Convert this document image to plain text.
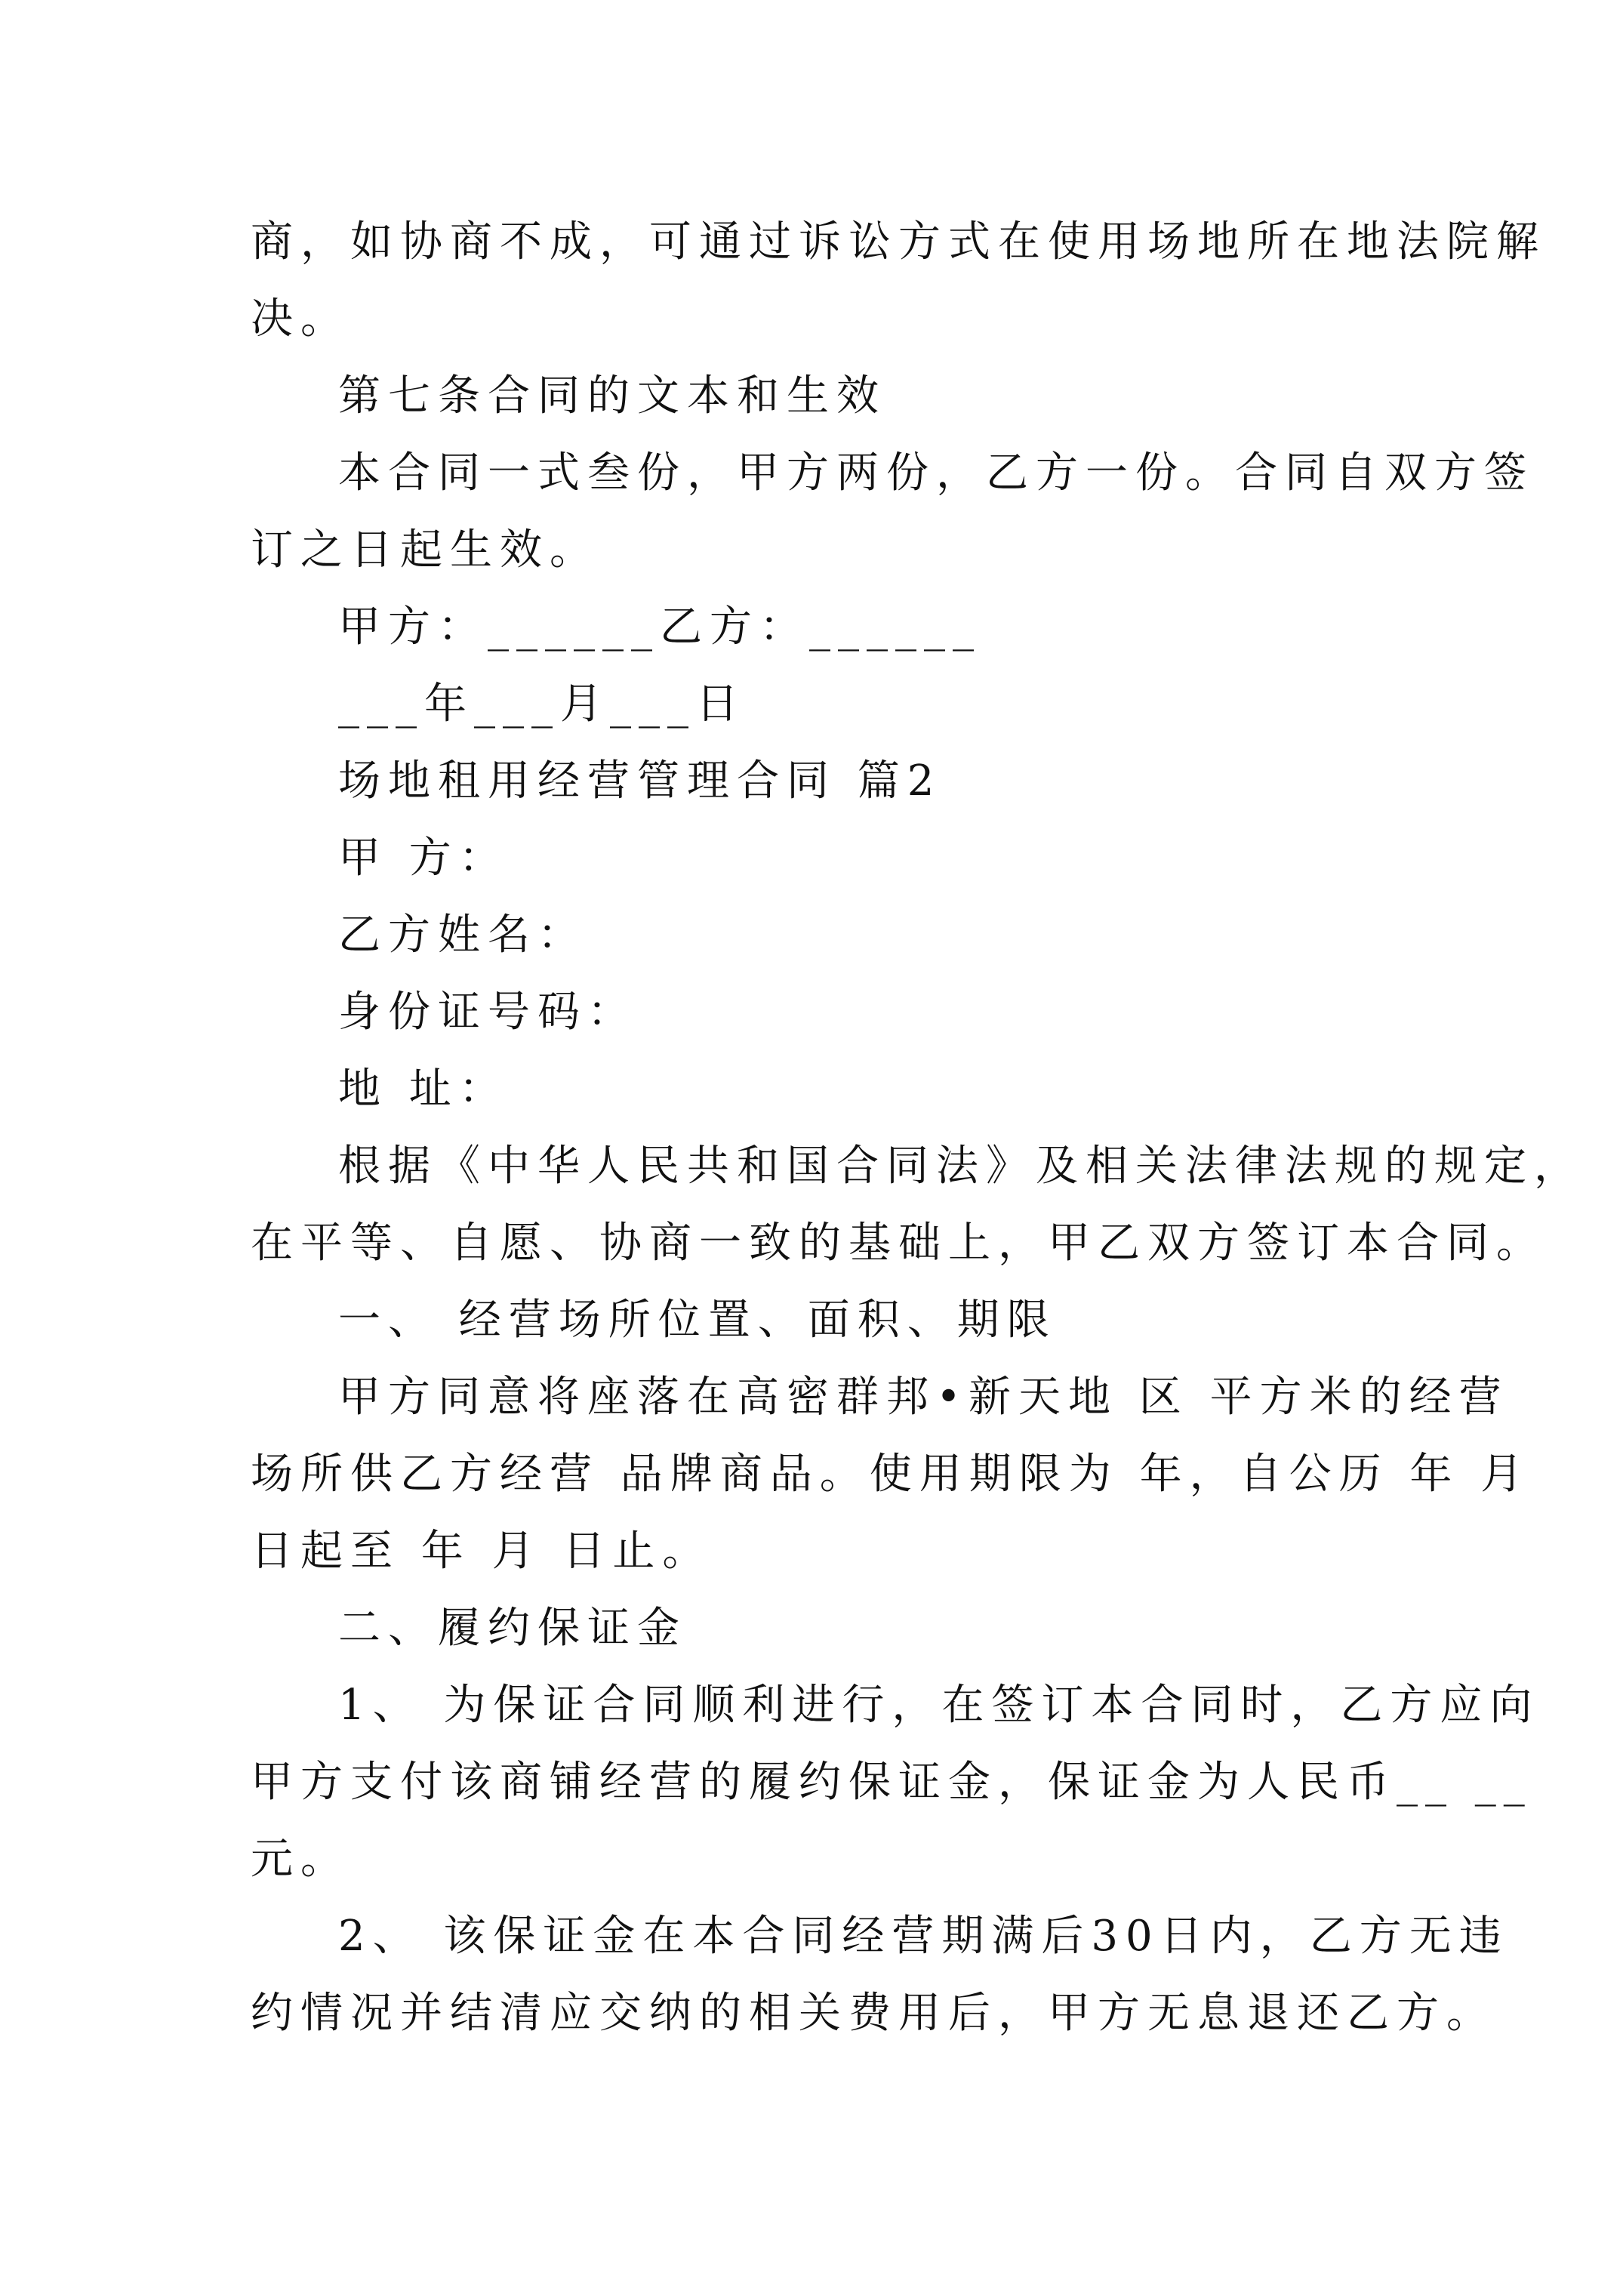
商，如协商不成，可通过诉讼方式在使用场地所在地法院解

决。

第七条合同的文本和生效

本合同一式叁份，甲方两份，乙方一份。合同自双方签

订之日起生效。

甲方：______乙方：______

___年___月___日

场地租用经营管理合同 篇2

甲 方：

乙方姓名：

身份证号码：

地 址：

根据《中华人民共和国合同法》及相关法律法规的规定，

在平等、自愿、协商一致的基础上，甲乙双方签订本合同。

一、 经营场所位置、面积、期限

甲方同意将座落在高密群邦•新天地 区 平方米的经营

场所供乙方经营 品牌商品。使用期限为 年，自公历 年 月

日起至 年 月 日止。

二、履约保证金

1、 为保证合同顺利进行，在签订本合同时，乙方应向

甲方支付该商铺经营的履约保证金，保证金为人民币__ __

元。

2、 该保证金在本合同经营期满后30日内，乙方无违

约情况并结清应交纳的相关费用后，甲方无息退还乙方。
